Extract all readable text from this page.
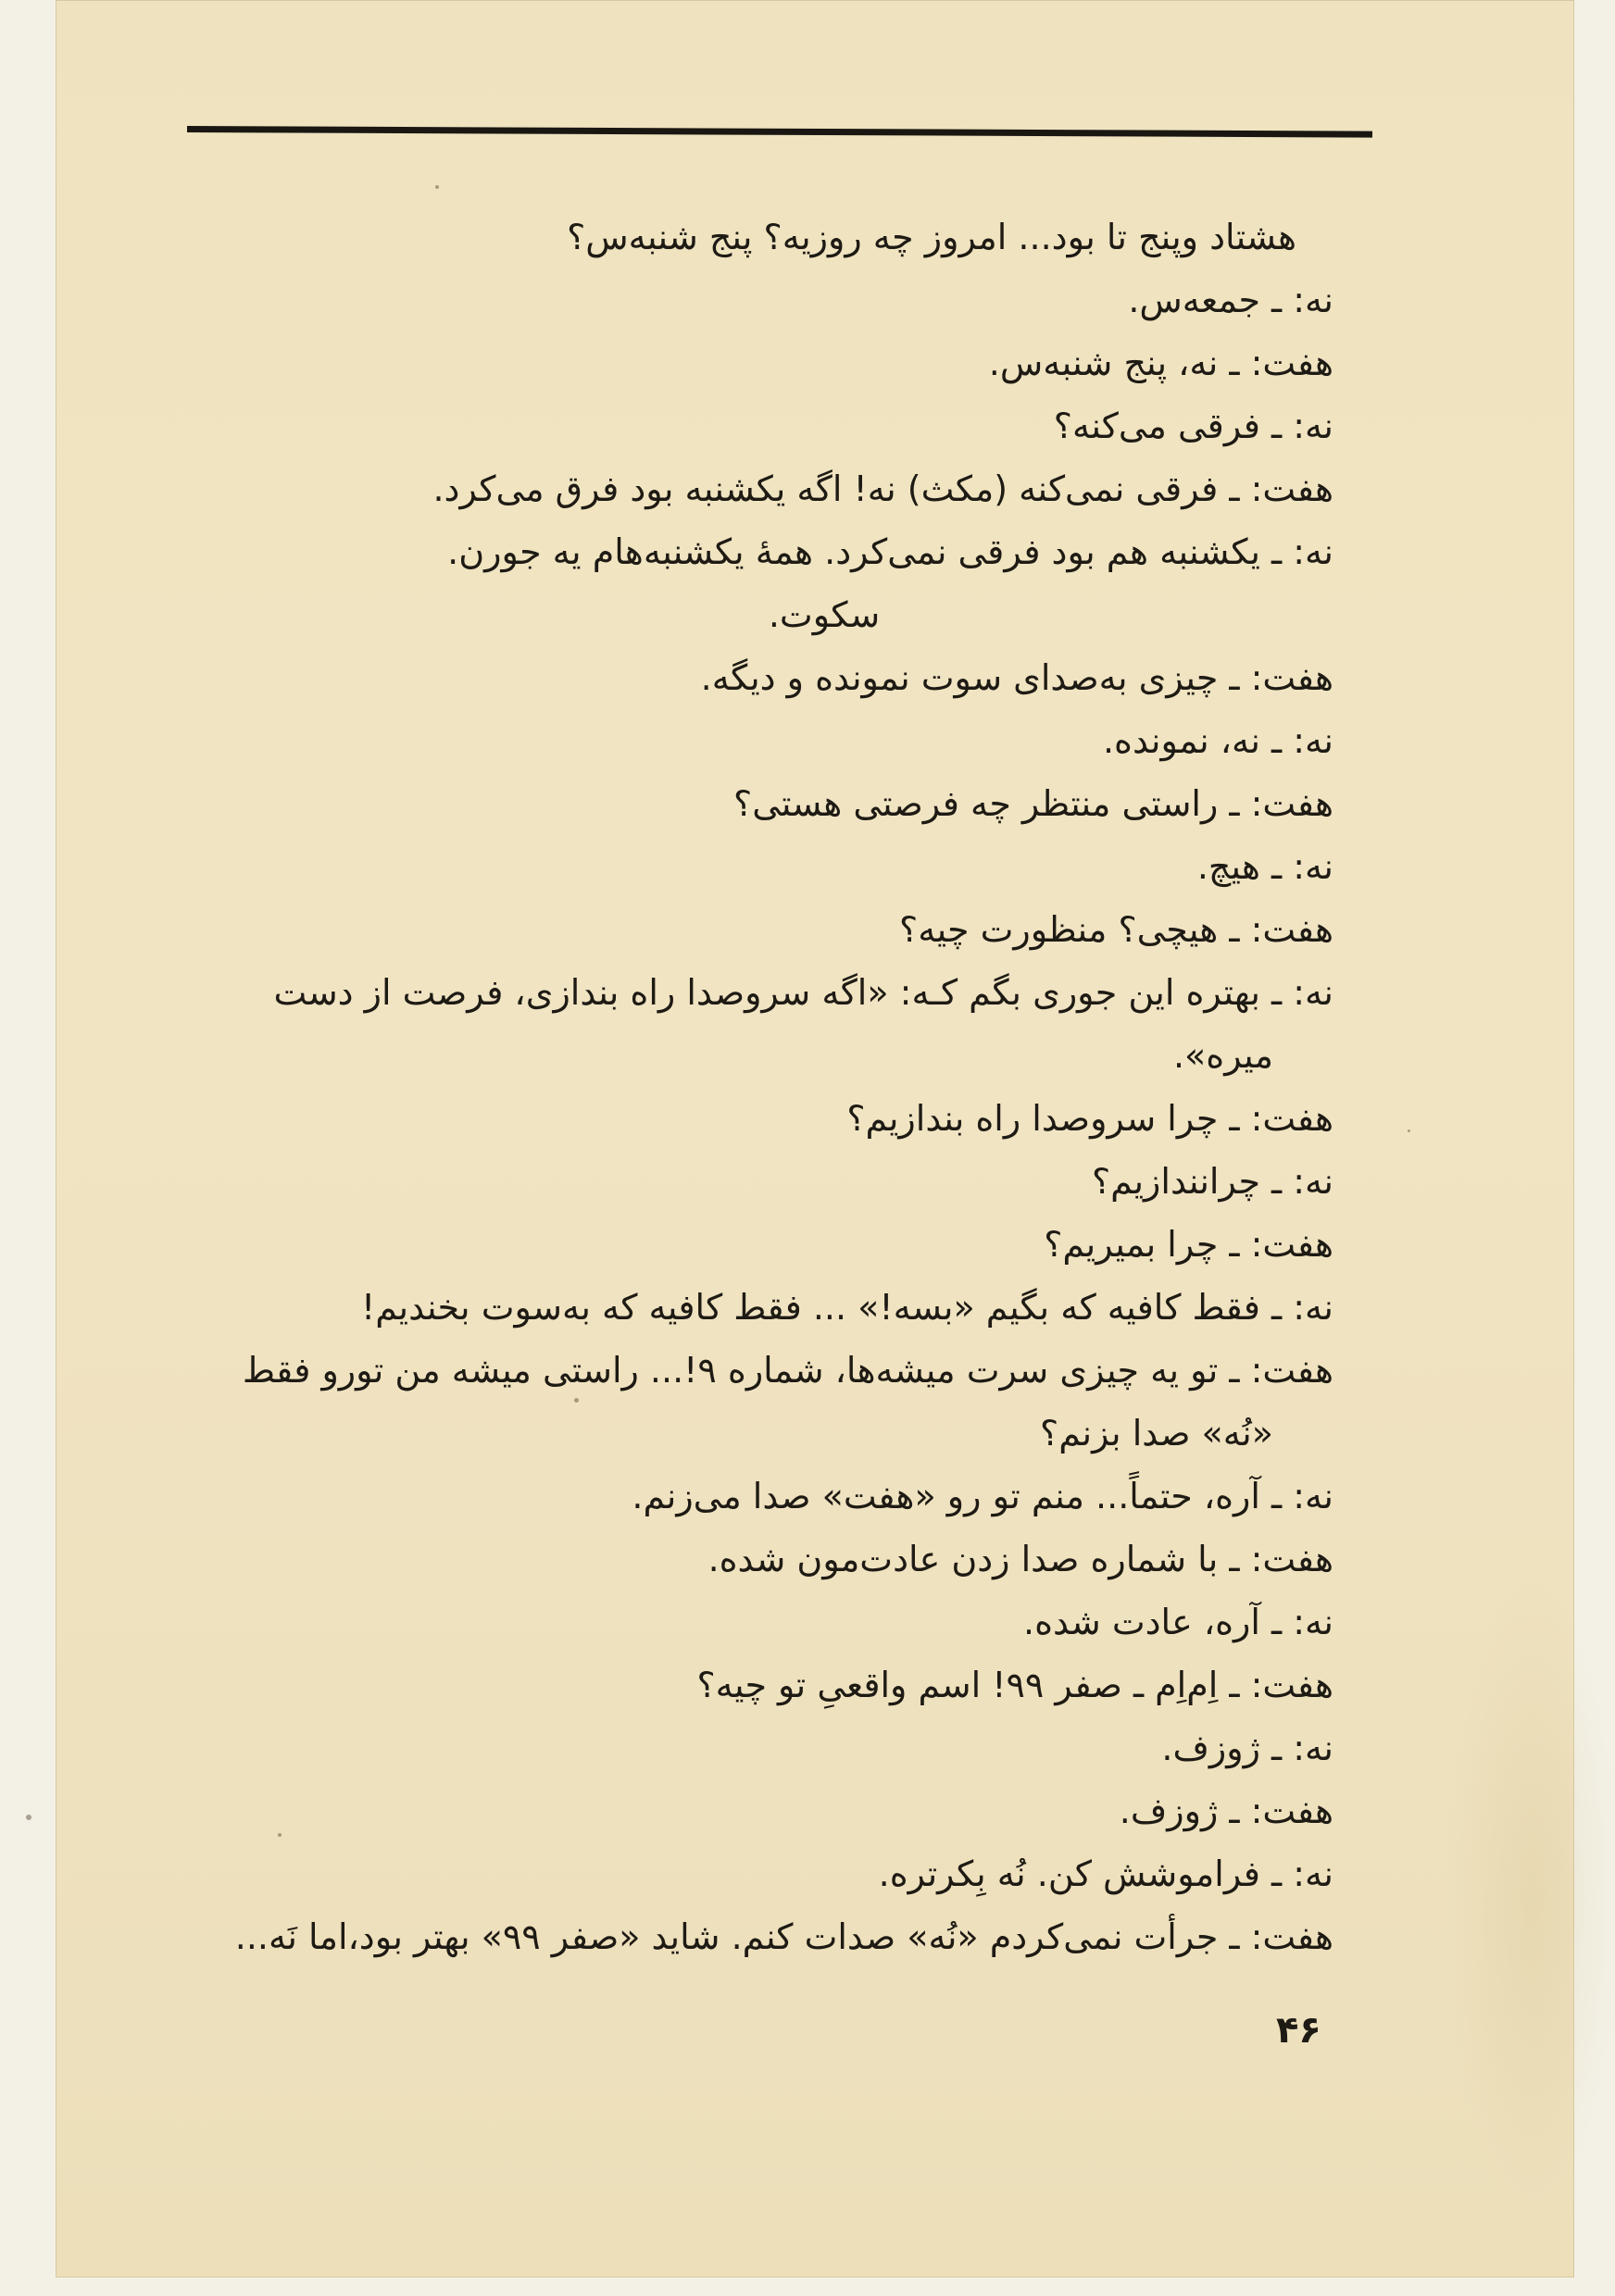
هشتاد وپنج تا بود... امروز چه روزیه؟ پنج شنبه‌س؟
نه: ـ جمعه‌س.
هفت: ـ نه، پنج شنبه‌س.
نه: ـ فرقی می‌کنه؟
هفت: ـ فرقی نمی‌کنه (مکث) نه! اگه یکشنبه بود فرق می‌کرد.
نه: ـ یکشنبه هم بود فرقی نمی‌کرد. همهٔ یکشنبه‌هام یه جورن.
سکوت.
هفت: ـ چیزی به‌صدای سوت نمونده و دیگه.
نه: ـ نه، نمونده.
هفت: ـ راستی منتظر چه فرصتی هستی؟
نه: ـ هیچ.
هفت: ـ هیچی؟ منظورت چیه؟
نه: ـ بهتره این جوری بگم کـه: «اگه سروصدا راه بندازی، فرصت از دست
میره».
هفت: ـ چرا سروصدا راه بندازیم؟
نه: ـ چرانندازیم؟
هفت: ـ چرا بمیریم؟
نه: ـ فقط کافیه که بگیم «بسه!» ... فقط کافیه که به‌سوت بخندیم!
هفت: ـ تو یه چیزی سرت میشه‌ها، شماره ۹!... راستی میشه من تورو فقط
«نُه» صدا بزنم؟
نه: ـ آره، حتماً... منم تو رو «هفت» صدا می‌زنم.
هفت: ـ با شماره صدا زدن عادت‌مون شده.
نه: ـ آره، عادت شده.
هفت: ـ اِم‌اِم ـ صفر ۹۹! اسم واقعیِ تو چیه؟
نه: ـ ژوزف.
هفت: ـ ژوزف.
نه: ـ فراموشش کن. نُه بِکرتره.
هفت: ـ جرأت نمی‌کردم «نُه» صدات کنم. شاید «صفر ۹۹» بهتر بود،اما نَه...
۴۶
